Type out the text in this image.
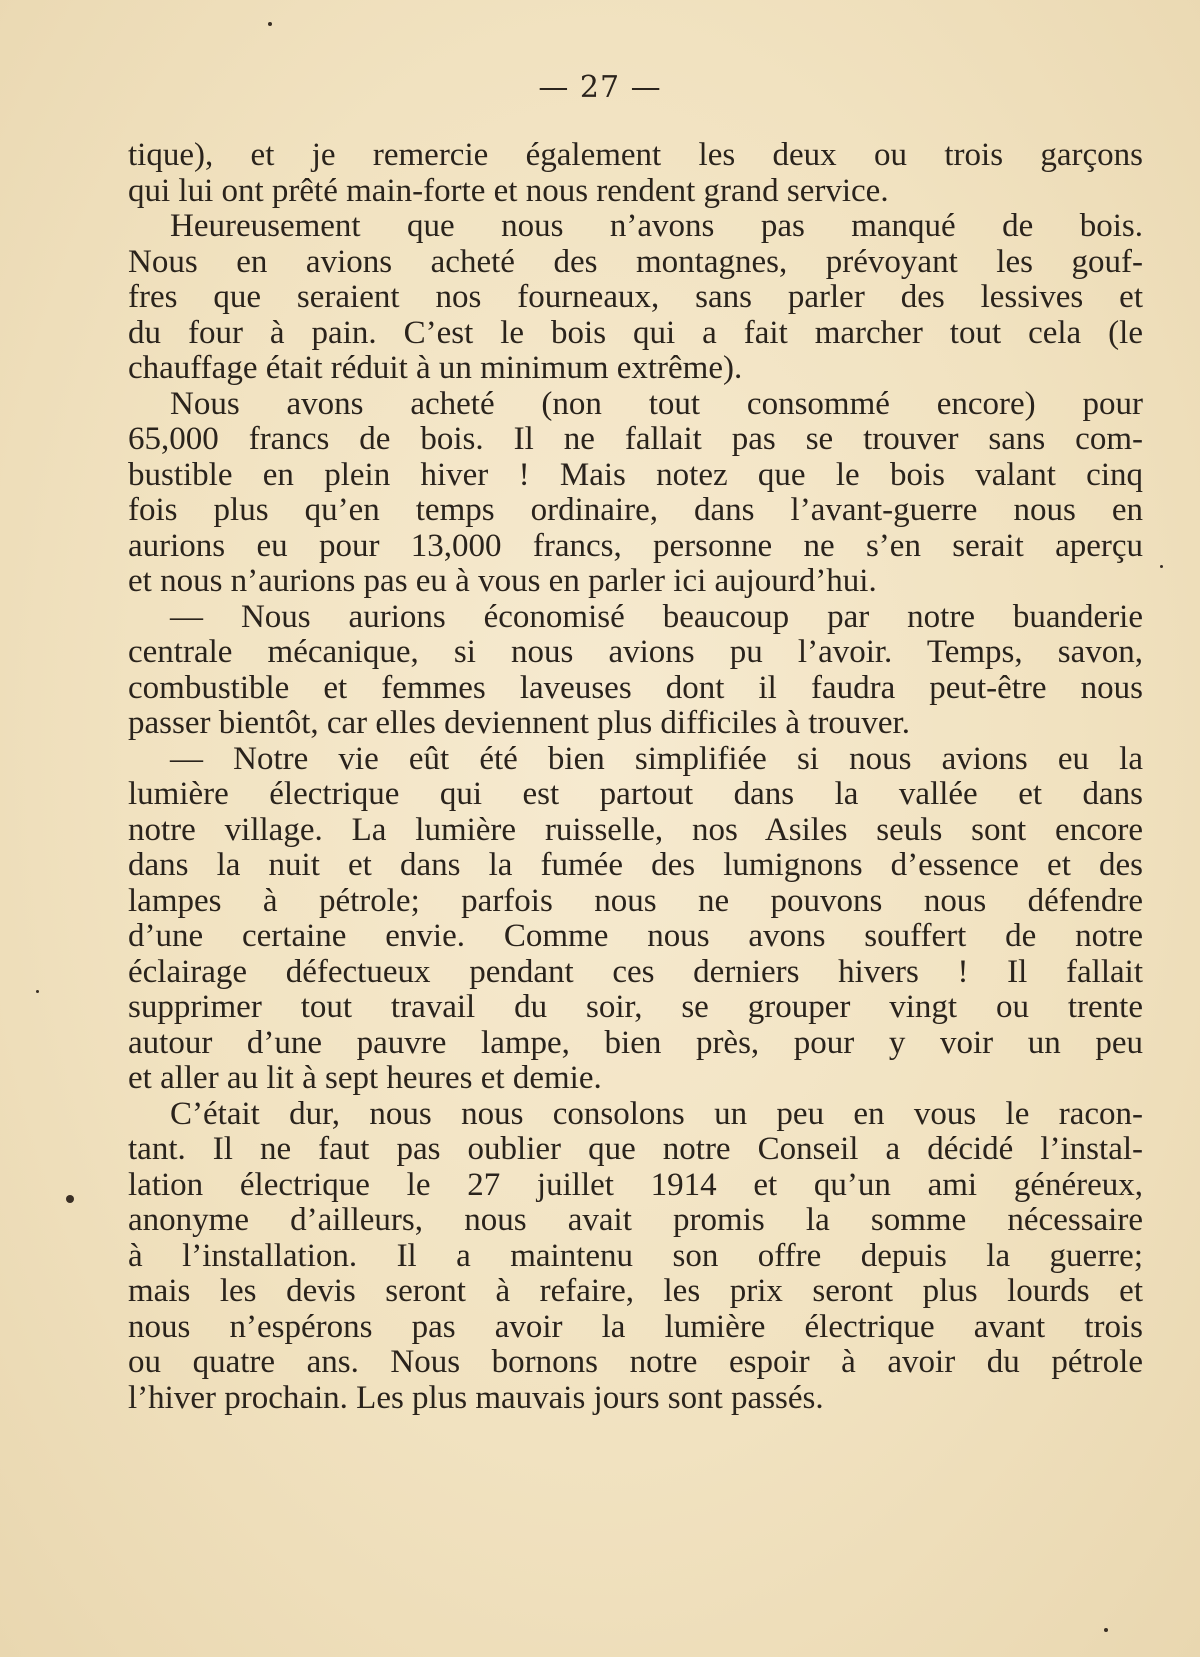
— 27 —
tique), et je remercie également les deux ou trois garçons
qui lui ont prêté main-forte et nous rendent grand service.
Heureusement que nous n’avons pas manqué de bois.
Nous en avions acheté des montagnes, prévoyant les gouf-
fres que seraient nos fourneaux, sans parler des lessives et
du four à pain. C’est le bois qui a fait marcher tout cela (le
chauffage était réduit à un minimum extrême).
Nous avons acheté (non tout consommé encore) pour
65,000 francs de bois. Il ne fallait pas se trouver sans com-
bustible en plein hiver ! Mais notez que le bois valant cinq
fois plus qu’en temps ordinaire, dans l’avant-guerre nous en
aurions eu pour 13,000 francs, personne ne s’en serait aperçu
et nous n’aurions pas eu à vous en parler ici aujourd’hui.
— Nous aurions économisé beaucoup par notre buanderie
centrale mécanique, si nous avions pu l’avoir. Temps, savon,
combustible et femmes laveuses dont il faudra peut-être nous
passer bientôt, car elles deviennent plus difficiles à trouver.
— Notre vie eût été bien simplifiée si nous avions eu la
lumière électrique qui est partout dans la vallée et dans
notre village. La lumière ruisselle, nos Asiles seuls sont encore
dans la nuit et dans la fumée des lumignons d’essence et des
lampes à pétrole; parfois nous ne pouvons nous défendre
d’une certaine envie. Comme nous avons souffert de notre
éclairage défectueux pendant ces derniers hivers ! Il fallait
supprimer tout travail du soir, se grouper vingt ou trente
autour d’une pauvre lampe, bien près, pour y voir un peu
et aller au lit à sept heures et demie.
C’était dur, nous nous consolons un peu en vous le racon-
tant. Il ne faut pas oublier que notre Conseil a décidé l’instal-
lation électrique le 27 juillet 1914 et qu’un ami généreux,
anonyme d’ailleurs, nous avait promis la somme nécessaire
à l’installation. Il a maintenu son offre depuis la guerre;
mais les devis seront à refaire, les prix seront plus lourds et
nous n’espérons pas avoir la lumière électrique avant trois
ou quatre ans. Nous bornons notre espoir à avoir du pétrole
l’hiver prochain. Les plus mauvais jours sont passés.
